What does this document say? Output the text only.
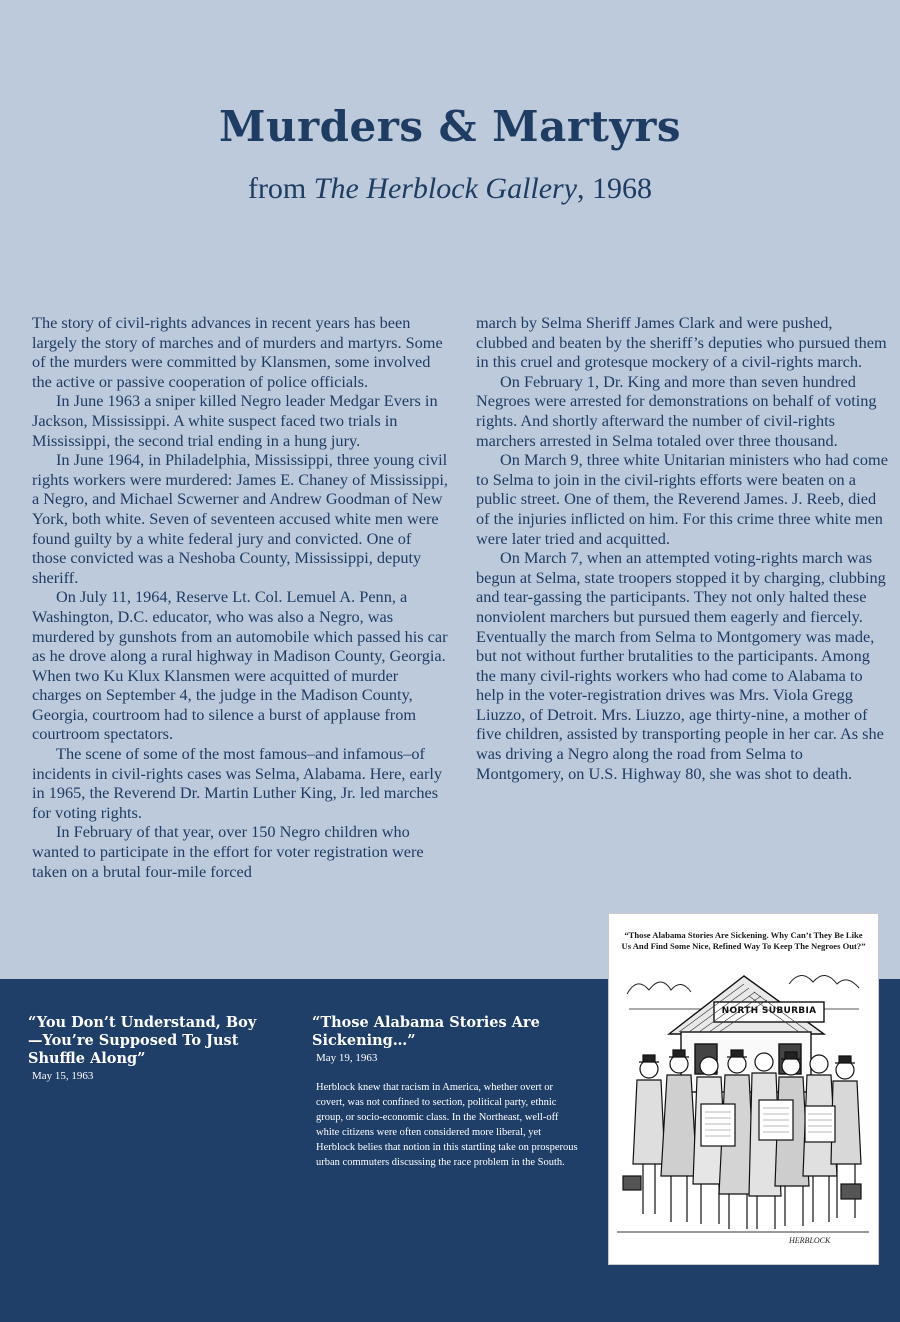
Murders & Martyrs
from The Herblock Gallery, 1968

The story of civil-rights advances in recent years has been largely the story of marches and of murders and martyrs. Some of the murders were committed by Klansmen, some involved the active or passive cooperation of police officials.

In June 1963 a sniper killed Negro leader Medgar Evers in Jackson, Mississippi. A white suspect faced two trials in Mississippi, the second trial ending in a hung jury.

In June 1964, in Philadelphia, Mississippi, three young civil rights workers were murdered: James E. Chaney of Mississippi, a Negro, and Michael Scwerner and Andrew Goodman of New York, both white. Seven of seventeen accused white men were found guilty by a white federal jury and convicted. One of those convicted was a Neshoba County, Mississippi, deputy sheriff.

On July 11, 1964, Reserve Lt. Col. Lemuel A. Penn, a Washington, D.C. educator, who was also a Negro, was murdered by gunshots from an automobile which passed his car as he drove along a rural highway in Madison County, Georgia. When two Ku Klux Klansmen were acquitted of murder charges on September 4, the judge in the Madison County, Georgia, courtroom had to silence a burst of applause from courtroom spectators.

The scene of some of the most famous–and infamous–of incidents in civil-rights cases was Selma, Alabama. Here, early in 1965, the Reverend Dr. Martin Luther King, Jr. led marches for voting rights.

In February of that year, over 150 Negro children who wanted to participate in the effort for voter registration were taken on a brutal four-mile forced

march by Selma Sheriff James Clark and were pushed, clubbed and beaten by the sheriff’s deputies who pursued them in this cruel and grotesque mockery of a civil-rights march.

On February 1, Dr. King and more than seven hundred Negroes were arrested for demonstrations on behalf of voting rights. And shortly afterward the number of civil-rights marchers arrested in Selma totaled over three thousand.

On March 9, three white Unitarian ministers who had come to Selma to join in the civil-rights efforts were beaten on a public street. One of them, the Reverend James. J. Reeb, died of the injuries inflicted on him. For this crime three white men were later tried and acquitted.

On March 7, when an attempted voting-rights march was begun at Selma, state troopers stopped it by charging, clubbing and tear-gassing the participants. They not only halted these nonviolent marchers but pursued them eagerly and fiercely. Eventually the march from Selma to Montgomery was made, but not without further brutalities to the participants. Among the many civil-rights workers who had come to Alabama to help in the voter-registration drives was Mrs. Viola Gregg Liuzzo, of Detroit. Mrs. Liuzzo, age thirty-nine, a mother of five children, assisted by transporting people in her car. As she was driving a Negro along the road from Selma to Montgomery, on U.S. Highway 80, she was shot to death.

“You Don’t Understand, Boy—You’re Supposed To Just Shuffle Along”

May 15, 1963

“Those Alabama Stories Are Sickening…”

May 19, 1963

Herblock knew that racism in America, whether overt or covert, was not confined to section, political party, ethnic group, or socio-economic class. In the Northeast, well-off white citizens were often considered more liberal, yet Herblock belies that notion in this startling take on prosperous urban commuters discussing the race problem in the South.

“Those Alabama Stories Are Sickening. Why Can’t They Be Like Us And Find Some Nice, Refined Way To Keep The Negroes Out?”
NORTH SUBURBIA
HERBLOCK
